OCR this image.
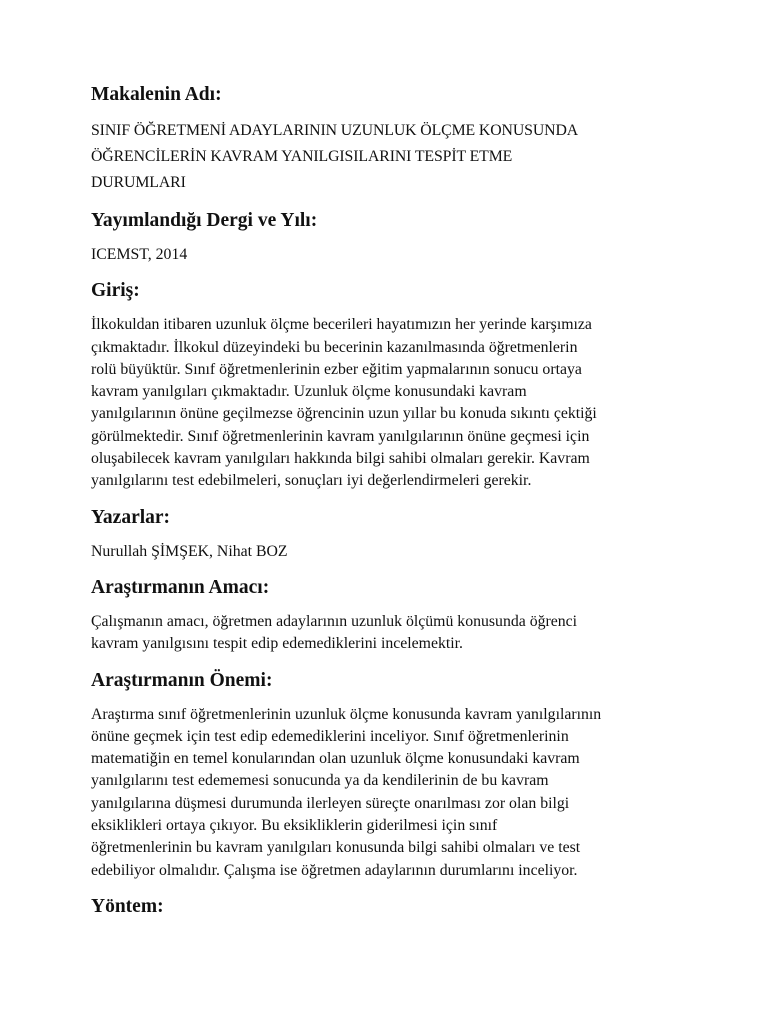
Makalenin Adı:

SINIF ÖĞRETMENİ ADAYLARININ UZUNLUK ÖLÇME KONUSUNDA

ÖĞRENCİLERİN KAVRAM YANILGISILARINI TESPİT ETME

DURUMLARI

Yayımlandığı Dergi ve Yılı:

ICEMST, 2014

Giriş:

İlkokuldan itibaren uzunluk ölçme becerileri hayatımızın her yerinde karşımıza
çıkmaktadır. İlkokul düzeyindeki bu becerinin kazanılmasında öğretmenlerin
rolü büyüktür. Sınıf öğretmenlerinin ezber eğitim yapmalarının sonucu ortaya
kavram yanılgıları çıkmaktadır. Uzunluk ölçme konusundaki kavram
yanılgılarının önüne geçilmezse öğrencinin uzun yıllar bu konuda sıkıntı çektiği
görülmektedir. Sınıf öğretmenlerinin kavram yanılgılarının önüne geçmesi için
oluşabilecek kavram yanılgıları hakkında bilgi sahibi olmaları gerekir. Kavram
yanılgılarını test edebilmeleri, sonuçları iyi değerlendirmeleri gerekir.

Yazarlar:

Nurullah ŞİMŞEK, Nihat BOZ

Araştırmanın Amacı:

Çalışmanın amacı, öğretmen adaylarının uzunluk ölçümü konusunda öğrenci
kavram yanılgısını tespit edip edemediklerini incelemektir.

Araştırmanın Önemi:

Araştırma sınıf öğretmenlerinin uzunluk ölçme konusunda kavram yanılgılarının
önüne geçmek için test edip edemediklerini inceliyor. Sınıf öğretmenlerinin
matematiğin en temel konularından olan uzunluk ölçme konusundaki kavram
yanılgılarını test edememesi sonucunda ya da kendilerinin de bu kavram
yanılgılarına düşmesi durumunda ilerleyen süreçte onarılması zor olan bilgi
eksiklikleri ortaya çıkıyor. Bu eksikliklerin giderilmesi için sınıf
öğretmenlerinin bu kavram yanılgıları konusunda bilgi sahibi olmaları ve test
edebiliyor olmalıdır. Çalışma ise öğretmen adaylarının durumlarını inceliyor.

Yöntem:
